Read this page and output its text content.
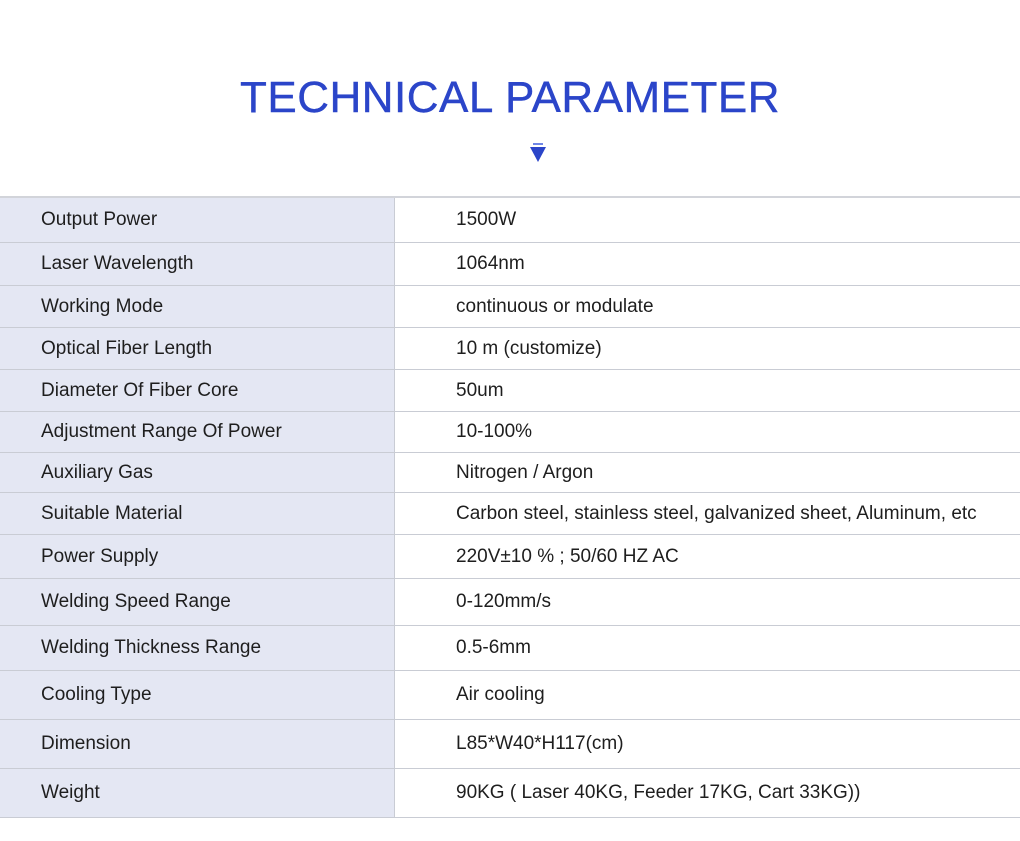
TECHNICAL PARAMETER
Output Power	1500W
Laser Wavelength	1064nm
Working Mode	continuous or modulate
Optical Fiber Length	10 m (customize)
Diameter Of Fiber Core	50um
Adjustment Range Of Power	10-100%
Auxiliary Gas	Nitrogen / Argon
Suitable Material	Carbon steel, stainless steel, galvanized sheet, Aluminum, etc
Power Supply	220V±10 % ; 50/60 HZ AC
Welding Speed Range	0-120mm/s
Welding Thickness Range	0.5-6mm
Cooling Type	Air cooling
Dimension	L85*W40*H117(cm)
Weight	90KG ( Laser 40KG, Feeder 17KG, Cart 33KG))
